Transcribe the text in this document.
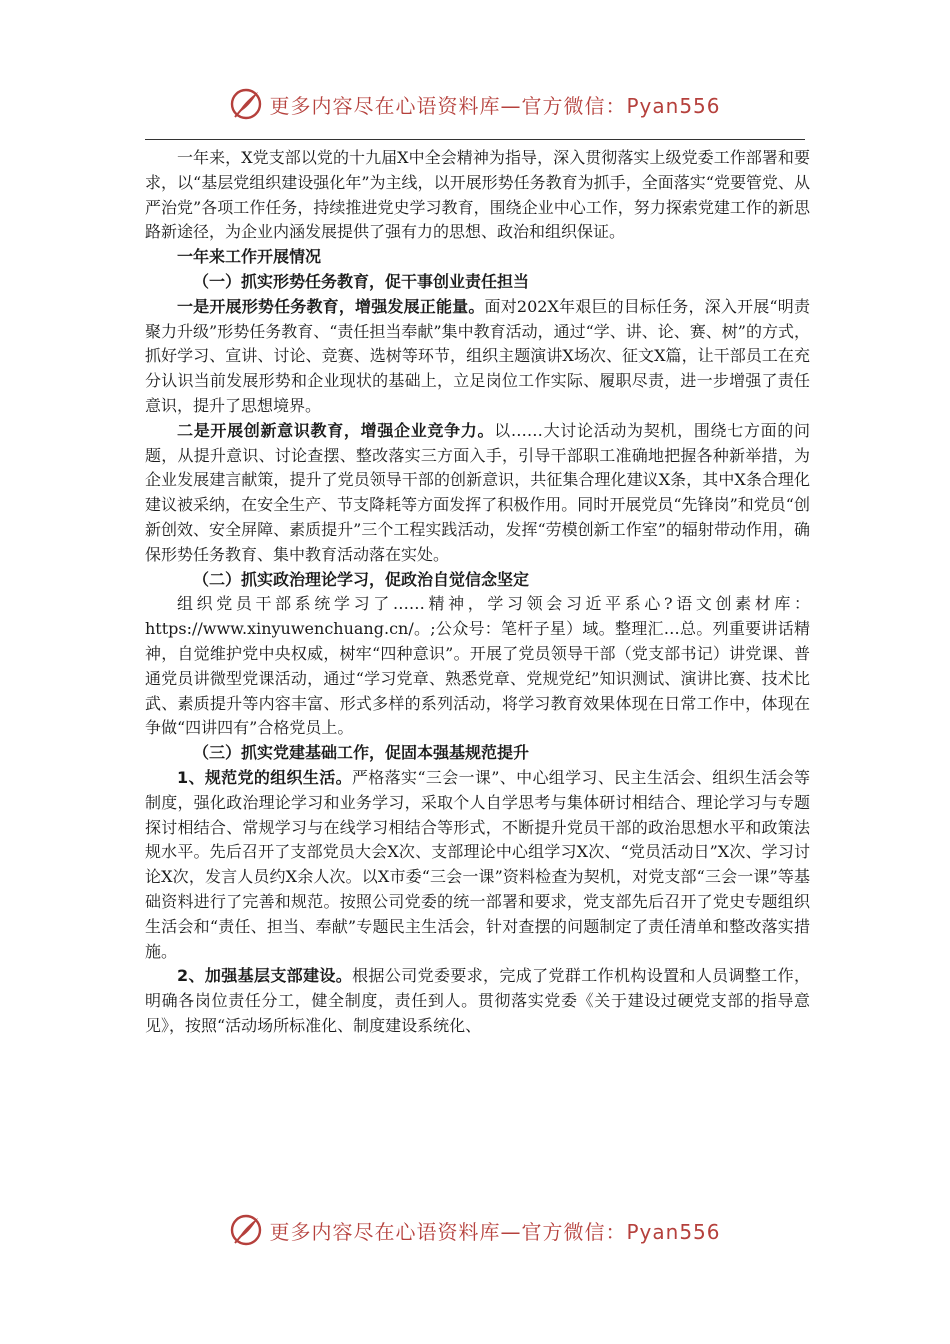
更多内容尽在心语资料库—官方微信：Pyan556

一年来，X党支部以党的十九届X中全会精神为指导，深入贯彻落实上级党委工作部署和要求，以“基层党组织建设强化年”为主线，以开展形势任务教育为抓手，全面落实“党要管党、从严治党”各项工作任务，持续推进党史学习教育，围绕企业中心工作，努力探索党建工作的新思路新途径，为企业内涵发展提供了强有力的思想、政治和组织保证。

一年来工作开展情况

（一）抓实形势任务教育，促干事创业责任担当

一是开展形势任务教育，增强发展正能量。面对202X年艰巨的目标任务，深入开展“明责聚力升级”形势任务教育、“责任担当奉献”集中教育活动，通过“学、讲、论、赛、树”的方式，抓好学习、宣讲、讨论、竞赛、选树等环节，组织主题演讲X场次、征文X篇，让干部员工在充分认识当前发展形势和企业现状的基础上，立足岗位工作实际、履职尽责，进一步增强了责任意识，提升了思想境界。

二是开展创新意识教育，增强企业竞争力。以……大讨论活动为契机，围绕七方面的问题，从提升意识、讨论查摆、整改落实三方面入手，引导干部职工准确地把握各种新举措，为企业发展建言献策，提升了党员领导干部的创新意识，共征集合理化建议X条，其中X条合理化建议被采纳，在安全生产、节支降耗等方面发挥了积极作用。同时开展党员“先锋岗”和党员“创新创效、安全屏障、素质提升”三个工程实践活动，发挥“劳模创新工作室”的辐射带动作用，确保形势任务教育、集中教育活动落在实处。

（二）抓实政治理论学习，促政治自觉信念坚定

组织党员干部系统学习了……精神，学习领会习近平系心?语文创素材库：https://www.xinyuwenchuang.cn/。;公众号：笔杆子星）域。整理汇…总。列重要讲话精神，自觉维护党中央权威，树牢“四种意识”。开展了党员领导干部（党支部书记）讲党课、普通党员讲微型党课活动，通过“学习党章、熟悉党章、党规党纪”知识测试、演讲比赛、技术比武、素质提升等内容丰富、形式多样的系列活动，将学习教育效果体现在日常工作中，体现在争做“四讲四有”合格党员上。

（三）抓实党建基础工作，促固本强基规范提升

1、规范党的组织生活。严格落实“三会一课”、中心组学习、民主生活会、组织生活会等制度，强化政治理论学习和业务学习，采取个人自学思考与集体研讨相结合、理论学习与专题探讨相结合、常规学习与在线学习相结合等形式，不断提升党员干部的政治思想水平和政策法规水平。先后召开了支部党员大会X次、支部理论中心组学习X次、“党员活动日”X次、学习讨论X次，发言人员约X余人次。以X市委“三会一课”资料检查为契机，对党支部“三会一课”等基础资料进行了完善和规范。按照公司党委的统一部署和要求，党支部先后召开了党史专题组织生活会和“责任、担当、奉献”专题民主生活会，针对查摆的问题制定了责任清单和整改落实措施。

2、加强基层支部建设。根据公司党委要求，完成了党群工作机构设置和人员调整工作，明确各岗位责任分工，健全制度，责任到人。贯彻落实党委《关于建设过硬党支部的指导意见》，按照“活动场所标准化、制度建设系统化、

更多内容尽在心语资料库—官方微信：Pyan556
